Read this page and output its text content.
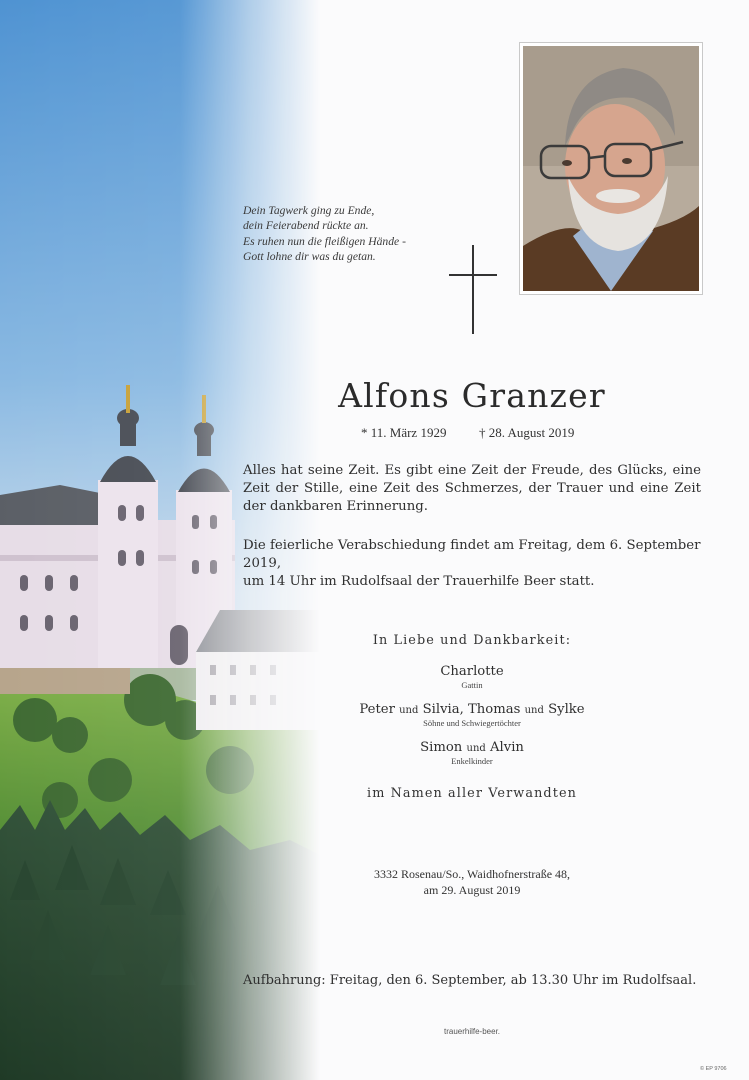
Dein Tagwerk ging zu Ende,
dein Feierabend rückte an.
Es ruhen nun die fleißigen Hände -
Gott lohne dir was du getan.
Alfons Granzer
* 11. März 1929	† 28. August 2019

Alles hat seine Zeit. Es gibt eine Zeit der Freude, des Glücks, eine Zeit der Stille, eine Zeit des Schmerzes, der Trauer und eine Zeit der dankbaren Erinnerung.

Die feierliche Verabschiedung findet am Freitag, dem 6. September 2019,
um 14 Uhr im Rudolfsaal der Trauerhilfe Beer statt.
In Liebe und Dankbarkeit:
Charlotte
Gattin
Peter und Silvia, Thomas und Sylke
Söhne und Schwiegertöchter
Simon und Alvin
Enkelkinder
im Namen aller Verwandten
3332 Rosenau/So., Waidhofnerstraße 48,
am 29. August 2019
Aufbahrung: Freitag, den 6. September, ab 13.30 Uhr im Rudolfsaal.
trauerhilfe-beer.
© EP 9706
